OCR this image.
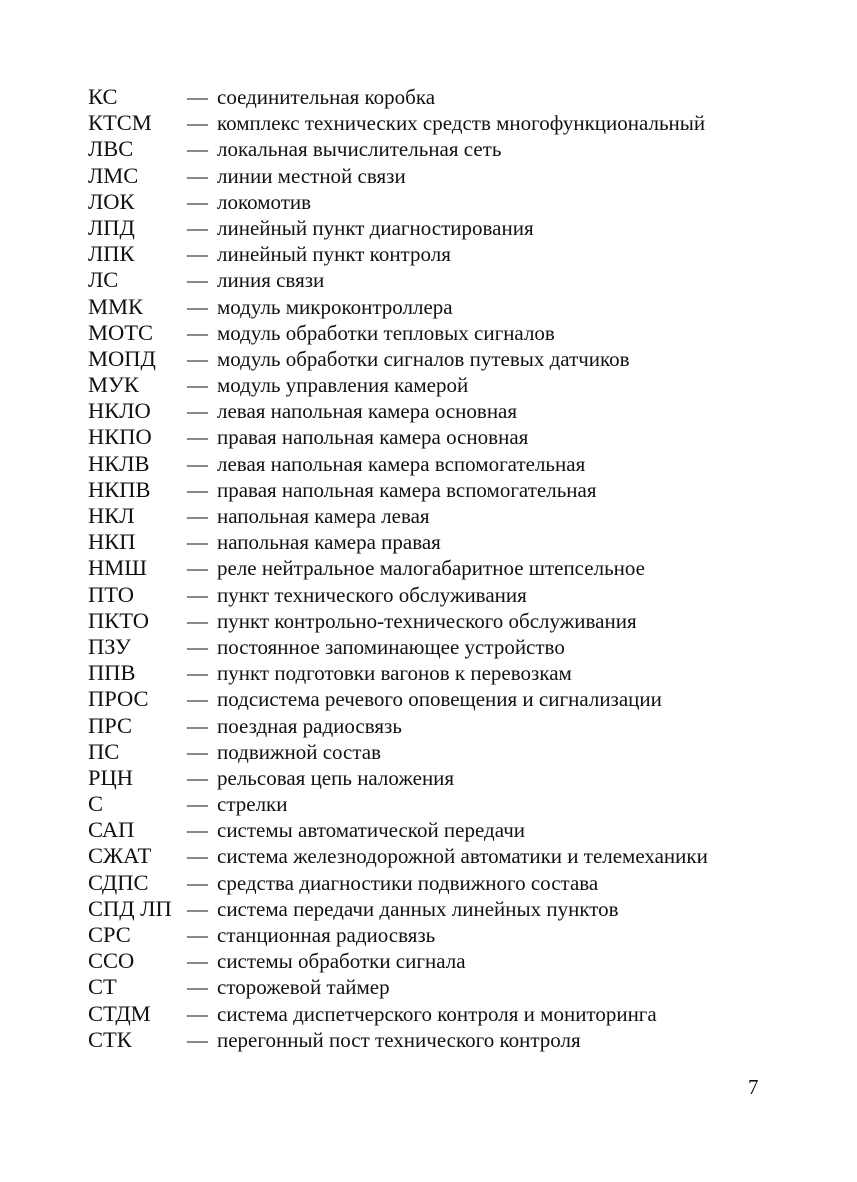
КС	— соединительная коробка
КТСМ	— комплекс технических средств многофункциональный
ЛВС	— локальная вычислительная сеть
ЛМС	— линии местной связи
ЛОК	— локомотив
ЛПД	— линейный пункт диагностирования
ЛПК	— линейный пункт контроля
ЛС	— линия связи
ММК	— модуль микроконтроллера
МОТС	— модуль обработки тепловых сигналов
МОПД	— модуль обработки сигналов путевых датчиков
МУК	— модуль управления камерой
НКЛО	— левая напольная камера основная
НКПО	— правая напольная камера основная
НКЛВ	— левая напольная камера вспомогательная
НКПВ	— правая напольная камера вспомогательная
НКЛ	— напольная камера левая
НКП	— напольная камера правая
НМШ	— реле нейтральное малогабаритное штепсельное
ПТО	— пункт технического обслуживания
ПКТО	— пункт контрольно-технического обслуживания
ПЗУ	— постоянное запоминающее устройство
ППВ	— пункт подготовки вагонов к перевозкам
ПРОС	— подсистема речевого оповещения и сигнализации
ПРС	— поездная радиосвязь
ПС	— подвижной состав
РЦН	— рельсовая цепь наложения
С	— стрелки
САП	— системы автоматической передачи
СЖАТ	— система железнодорожной автоматики и телемеханики
СДПС	— средства диагностики подвижного состава
СПД ЛП — система передачи данных линейных пунктов
СРС	— станционная радиосвязь
ССО	— системы обработки сигнала
СТ	— сторожевой таймер
СТДМ	— система диспетчерского контроля и мониторинга
СТК	— перегонный пост технического контроля
7
